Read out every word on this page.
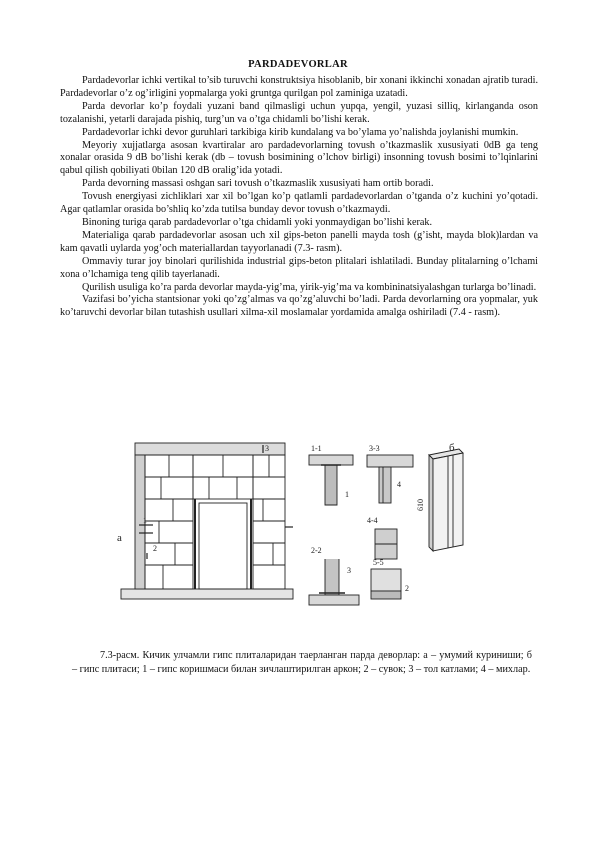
PARDADEVORLAR

Pardadevorlar ichki vertikal to’sib turuvchi konstruktsiya hisoblanib, bir xonani ikkinchi xonadan ajratib turadi. Pardadevorlar o’z og’irligini yopmalarga yoki gruntga qurilgan pol zaminiga uzatadi.

Parda devorlar ko’p foydali yuzani band qilmasligi uchun yupqa, yengil, yuzasi silliq, kirlanganda oson tozalanishi, yetarli darajada pishiq, turg’un va o’tga chidamli bo’lishi kerak.

Pardadevorlar ichki devor guruhlari tarkibiga kirib kundalang va bo’ylama yo’nalishda joylanishi mumkin.

Meyoriy xujjatlarga asosan kvartiralar aro pardadevorlarning tovush o’tkazmaslik xususiyati 0dB ga teng xonalar orasida 9 dB bo’lishi kerak (db – tovush bosimining o’lchov birligi) insonning tovush bosimi to’lqinlarini qabul qilish qobiliyati 0bilan 120 dB oralig’ida yotadi.

Parda devorning massasi oshgan sari tovush o’tkazmaslik xususiyati ham ortib boradi.

Tovush energiyasi zichliklari xar xil bo’lgan ko’p qatlamli pardadevorlardan o’tganda o’z kuchini yo’qotadi. Agar qatlamlar orasida bo’shliq ko’zda tutilsa bunday devor tovush o’tkazmaydi.

Binoning turiga qarab pardadevorlar o’tga chidamli yoki yonmaydigan bo’lishi kerak.

Materialiga qarab pardadevorlar asosan uch xil gips-beton panelli mayda tosh (g’isht, mayda blok)lardan va kam qavatli uylarda yog’och materiallardan tayyorlanadi (7.3- rasm).

Ommaviy turar joy binolari qurilishida industrial gips-beton plitalari ishlatiladi. Bunday plitalarning o’lchami xona o’lchamiga teng qilib tayerlanadi.

Qurilish usuliga ko’ra parda devorlar mayda-yig’ma, yirik-yig’ma va kombininatsiyalashgan turlarga bo’linadi.

Vazifasi bo’yicha stantsionar yoki qo’zg’almas va qo’zg’aluvchi bo’ladi. Parda devorlarning ora yopmalar, yuk ko’taruvchi devorlar bilan tutashish usullari xilma-xil moslamalar yordamida amalga oshiriladi (7.4 - rasm).

а
1
2
3	1-1
1
3-3
4
4-4
2-2
3
5-5
2
610
б

7.3-расм. Кичик улчамли гипс плиталаридан таерланган парда деворлар: а – умумий куриниши; б – гипс плитаси; 1 – гипс коришмаси билан зичлаштирилган аркон; 2 – сувок; 3 – тол катлами; 4 – михлар.
